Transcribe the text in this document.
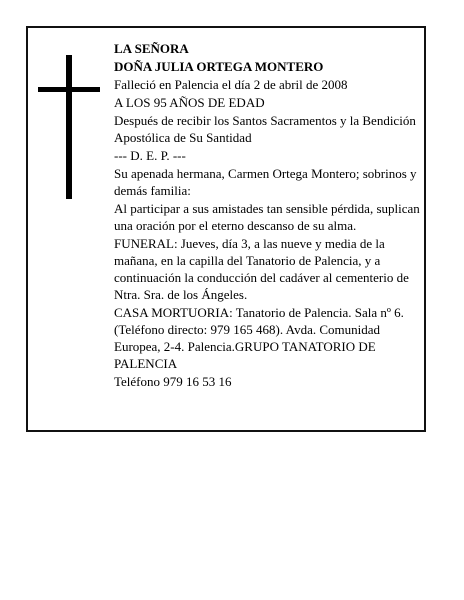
LA SEÑORA

DOÑA JULIA ORTEGA MONTERO

Falleció en Palencia el día 2 de abril de 2008

A LOS 95 AÑOS DE EDAD

Después de recibir los Santos Sacramentos y la Bendición Apostólica de Su Santidad

--- D. E. P. ---

Su apenada hermana, Carmen Ortega Montero; sobrinos y demás familia:

Al participar a sus amistades tan sensible pérdida, suplican una oración por el eterno descanso de su alma.

FUNERAL: Jueves, día 3, a las nueve y media de la mañana, en la capilla del Tanatorio de Palencia, y a continuación la conducción del cadáver al cementerio de Ntra. Sra. de los Ángeles.

CASA MORTUORIA: Tanatorio de Palencia. Sala nº 6. (Teléfono directo: 979 165 468). Avda. Comunidad Europea, 2-4. Palencia.GRUPO TANATORIO DE PALENCIA

Teléfono 979 16 53 16
